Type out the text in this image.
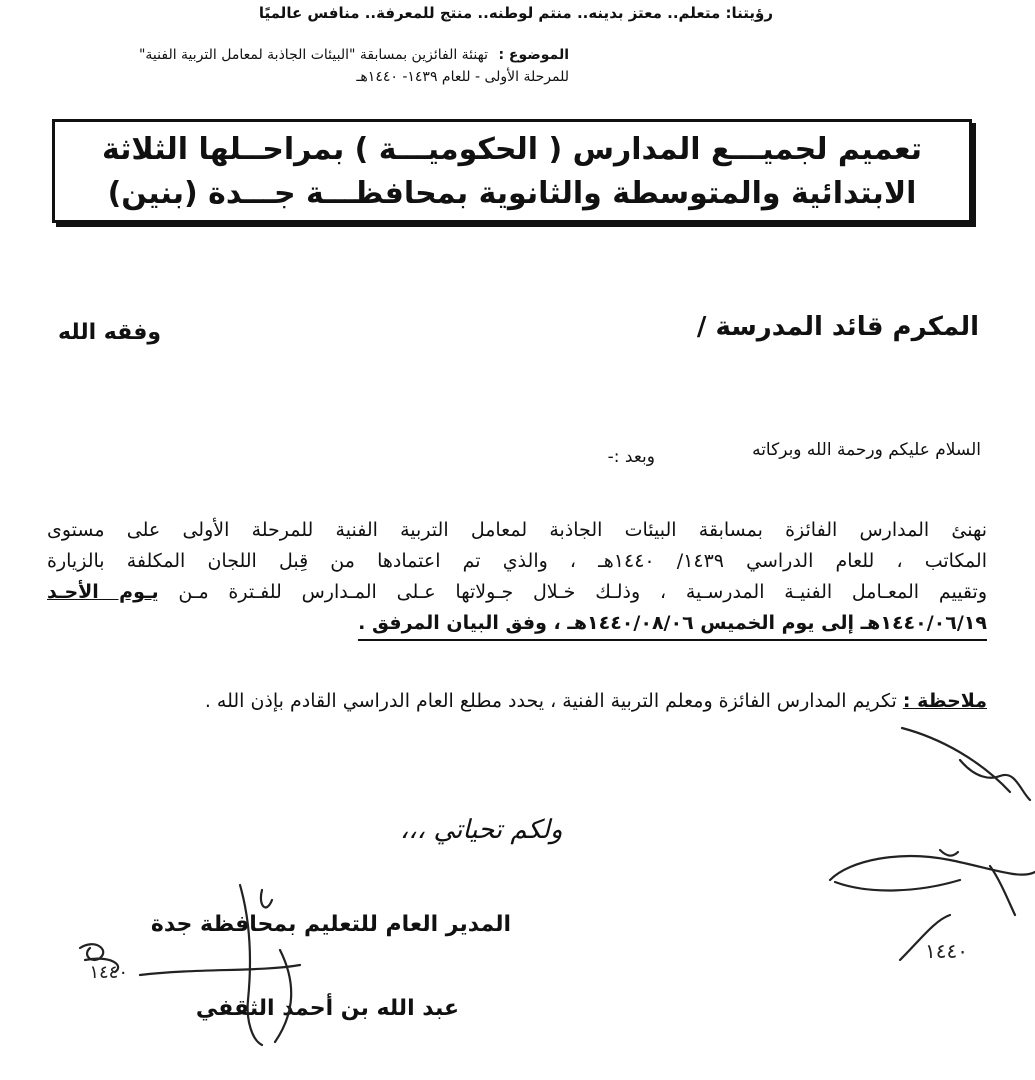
رؤيتنا: متعلم.. معتز بدينه.. منتم لوطنه.. منتج للمعرفة.. منافس عالميًا
الموضوع : تهنئة الفائزين بمسابقة "البيئات الجاذبة لمعامل التربية الفنية"
للمرحلة الأولى - للعام ١٤٣٩- ١٤٤٠هـ
تعميم لجميـــع المدارس ( الحكوميـــة ) بمراحــلها الثلاثة
الابتدائية والمتوسطة والثانوية بمحافظـــة جـــدة (بنين)
المكرم قائد المدرسة /
وفقه الله
السلام عليكم ورحمة الله وبركاته
وبعد :-
نهنئ المدارس الفائزة بمسابقة البيئات الجاذبة لمعامل التربية الفنية للمرحلة الأولى على مستوى
المكاتب ، للعام الدراسي ١٤٣٩/ ١٤٤٠هـ ، والذي تم اعتمادها من قِبل اللجان المكلفة بالزيارة
وتقييم المعـامل الفنيـة المدرسـية ، وذلـك خـلال جـولاتها عـلى المـدارس للفـترة مـن يـوم الأحـد
١٤٤٠/٠٦/١٩هـ إلى يوم الخميس ١٤٤٠/٠٨/٠٦هـ ، وفق البيان المرفق .
ملاحظة : تكريم المدارس الفائزة ومعلم التربية الفنية ، يحدد مطلع العام الدراسي القادم بإذن الله .
ولكم تحياتي ،،،
المدير العام للتعليم بمحافظة جدة
عبد الله بن أحمد الثقفي
١٤٤٠
١٤٤٠
